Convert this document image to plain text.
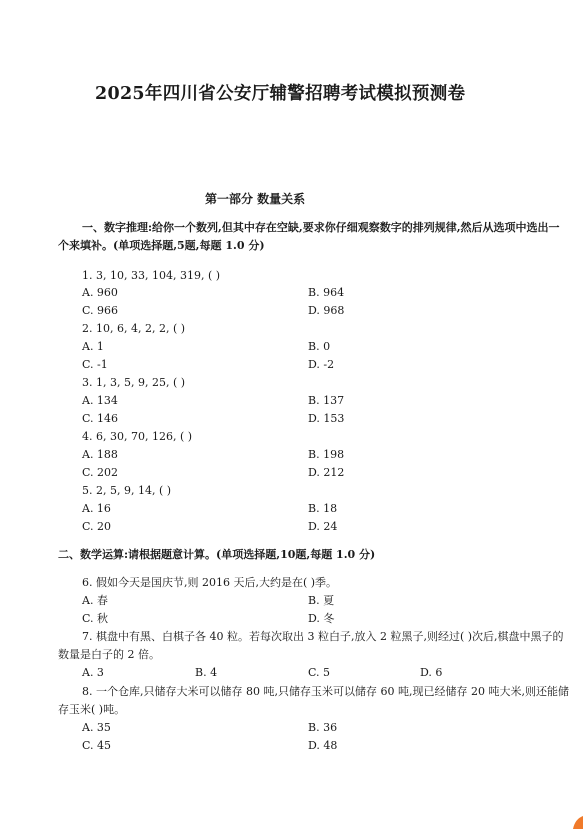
2025年四川省公安厅辅警招聘考试模拟预测卷
第一部分 数量关系
一、数字推理:给你一个数列,但其中存在空缺,要求你仔细观察数字的排列规律,然后从选项中选出一个来填补。(单项选择题,5题,每题 1.0 分)
1. 3, 10, 33, 104, 319, ( )
A. 960	B. 964
C. 966	D. 968
2. 10, 6, 4, 2, 2, ( )
A. 1	B. 0
C. -1	D. -2
3. 1, 3, 5, 9, 25, ( )
A. 134	B. 137
C. 146	D. 153
4. 6, 30, 70, 126, ( )
A. 188	B. 198
C. 202	D. 212
5. 2, 5, 9, 14, ( )
A. 16	B. 18
C. 20	D. 24
二、数学运算:请根据题意计算。(单项选择题,10题,每题 1.0 分)
6. 假如今天是国庆节,则 2016 天后,大约是在( )季。
A. 春	B. 夏
C. 秋	D. 冬
7. 棋盘中有黑、白棋子各 40 粒。若每次取出 3 粒白子,放入 2 粒黑子,则经过( )次后,棋盘中黑子的数量是白子的 2 倍。
A. 3	B. 4	C. 5	D. 6
8. 一个仓库,只储存大米可以储存 80 吨,只储存玉米可以储存 60 吨,现已经储存 20 吨大米,则还能储存玉米( )吨。
A. 35	B. 36
C. 45	D. 48
